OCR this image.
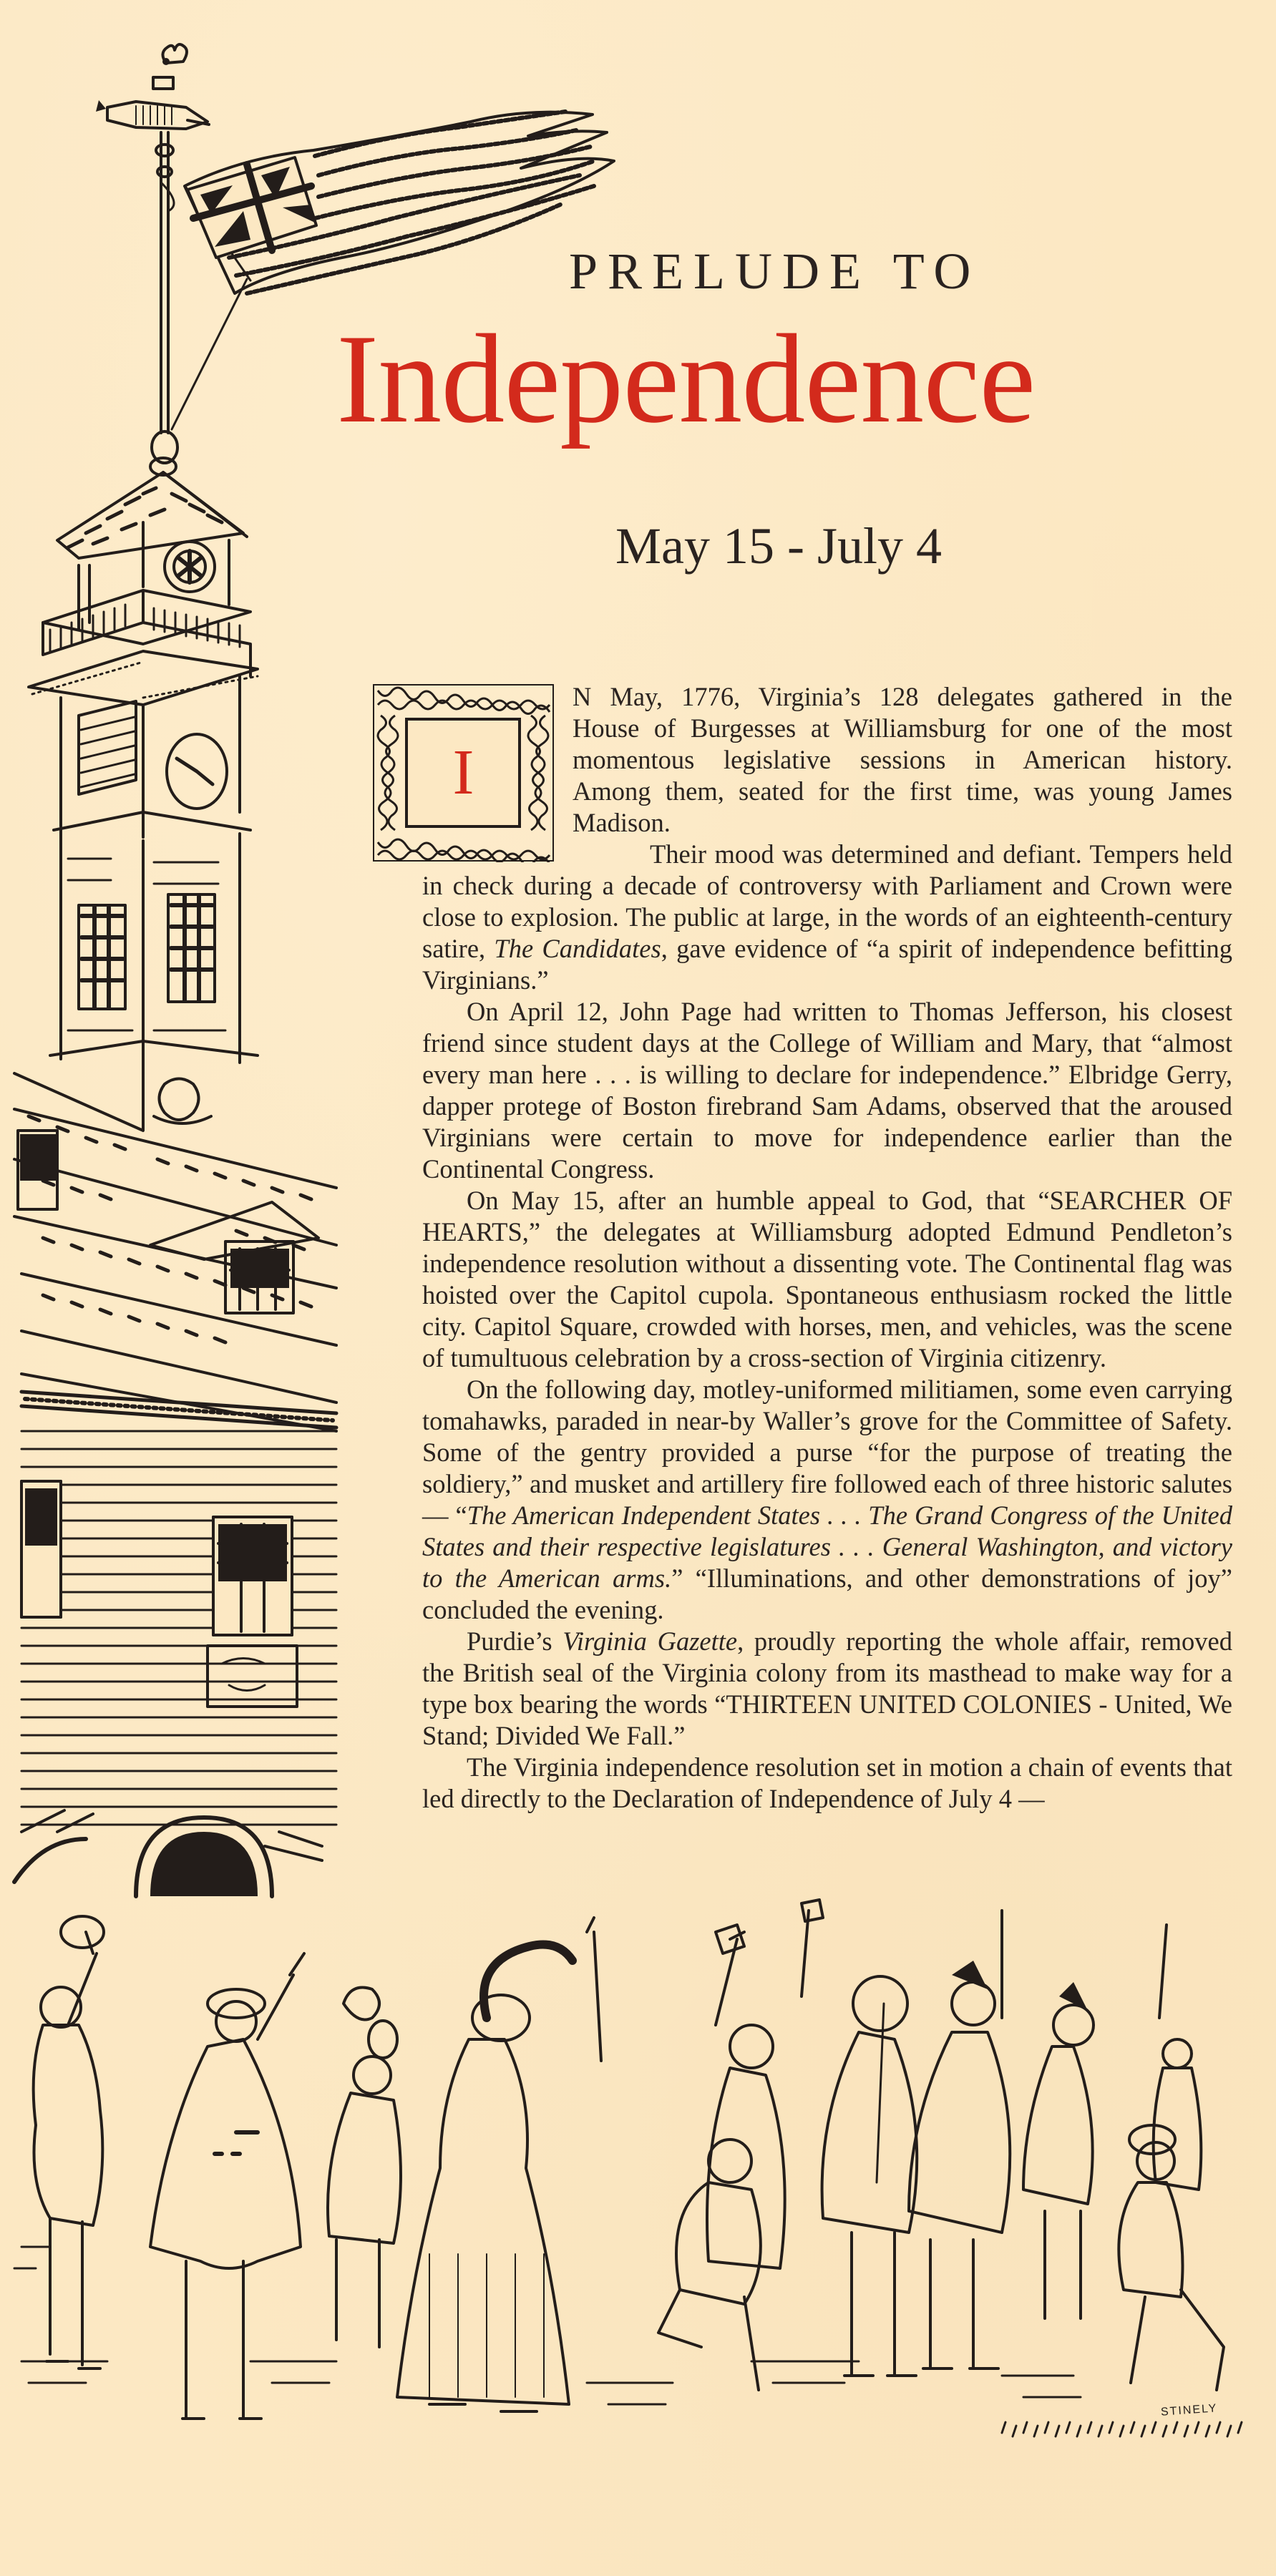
PRELUDE TO
Independence
May 15 - July 4
I
N May, 1776, Virginia’s 128 delegates gathered in the
House of Burgesses at Williamsburg for one of the most
momentous legislative sessions in American history.
Among them, seated for the first time, was young James
Madison.

Their mood was determined and defiant. Tempers held in check during a decade of controversy with Parliament and Crown were close to explosion. The public at large, in the words of an eighteenth-century satire, The Candidates, gave evidence of “a spirit of independence befitting Virginians.”

On April 12, John Page had written to Thomas Jefferson, his closest friend since student days at the College of William and Mary, that “almost every man here . . . is willing to declare for independence.” Elbridge Gerry, dapper protege of Boston firebrand Sam Adams, observed that the aroused Virginians were certain to move for independence earlier than the Continental Congress.

On May 15, after an humble appeal to God, that “SEARCHER OF HEARTS,” the delegates at Williamsburg adopted Edmund Pendleton’s independence resolution without a dissenting vote. The Continental flag was hoisted over the Capitol cupola. Spontaneous enthusiasm rocked the little city. Capitol Square, crowded with horses, men, and vehicles, was the scene of tumultuous celebration by a cross-section of Virginia citizenry.

On the following day, motley-uniformed militiamen, some even carrying tomahawks, paraded in near-by Waller’s grove for the Committee of Safety. Some of the gentry provided a purse “for the purpose of treating the soldiery,” and musket and artillery fire followed each of three historic salutes — “The American Independent States . . . The Grand Congress of the United States and their respective legislatures . . . General Washington, and victory to the American arms.” “Illuminations, and other demonstrations of joy” concluded the evening.

Purdie’s Virginia Gazette, proudly reporting the whole affair, removed the British seal of the Virginia colony from its masthead to make way for a type box bearing the words “THIRTEEN UNITED COLONIES - United, We Stand; Divided We Fall.”

The Virginia independence resolution set in motion a chain of events that led directly to the Declaration of Independence of July 4 —

STINELY
